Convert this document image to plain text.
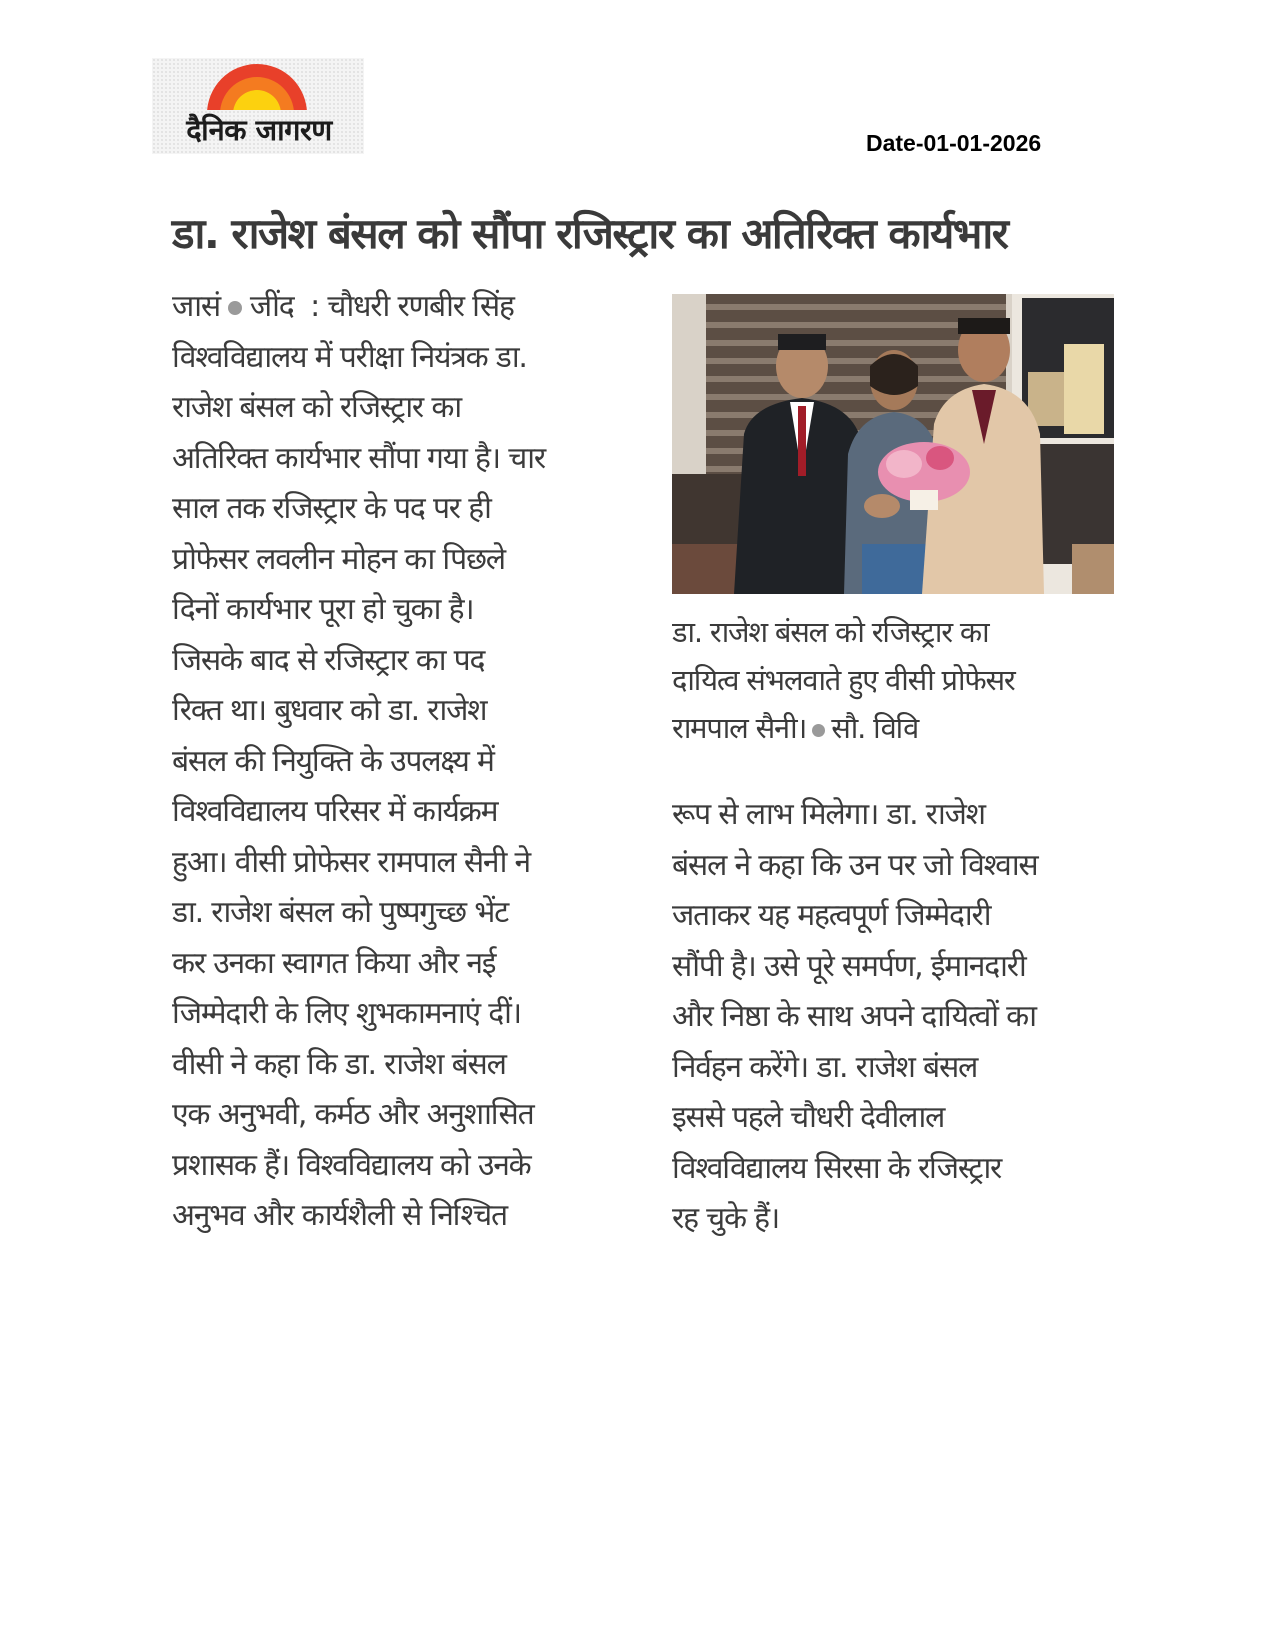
दैनिक जागरण	Date-01-01-2026
डा. राजेश बंसल को सौंपा रजिस्ट्रार का अतिरिक्त कार्यभार
जासं जींद : चौधरी रणबीर सिंह
विश्वविद्यालय में परीक्षा नियंत्रक डा.
राजेश बंसल को रजिस्ट्रार का
अतिरिक्त कार्यभार सौंपा गया है। चार
साल तक रजिस्ट्रार के पद पर ही
प्रोफेसर लवलीन मोहन का पिछले
दिनों कार्यभार पूरा हो चुका है।
जिसके बाद से रजिस्ट्रार का पद
रिक्त था। बुधवार को डा. राजेश
बंसल की नियुक्ति के उपलक्ष्य में
विश्वविद्यालय परिसर में कार्यक्रम
हुआ। वीसी प्रोफेसर रामपाल सैनी ने
डा. राजेश बंसल को पुष्पगुच्छ भेंट
कर उनका स्वागत किया और नई
जिम्मेदारी के लिए शुभकामनाएं दीं।
वीसी ने कहा कि डा. राजेश बंसल
एक अनुभवी, कर्मठ और अनुशासित
प्रशासक हैं। विश्वविद्यालय को उनके
अनुभव और कार्यशैली से निश्चित
डा. राजेश बंसल को रजिस्ट्रार का
दायित्व संभलवाते हुए वीसी प्रोफेसर
रामपाल सैनी। सौ. विवि
रूप से लाभ मिलेगा। डा. राजेश
बंसल ने कहा कि उन पर जो विश्वास
जताकर यह महत्वपूर्ण जिम्मेदारी
सौंपी है। उसे पूरे समर्पण, ईमानदारी
और निष्ठा के साथ अपने दायित्वों का
निर्वहन करेंगे। डा. राजेश बंसल
इससे पहले चौधरी देवीलाल
विश्वविद्यालय सिरसा के रजिस्ट्रार
रह चुके हैं।
